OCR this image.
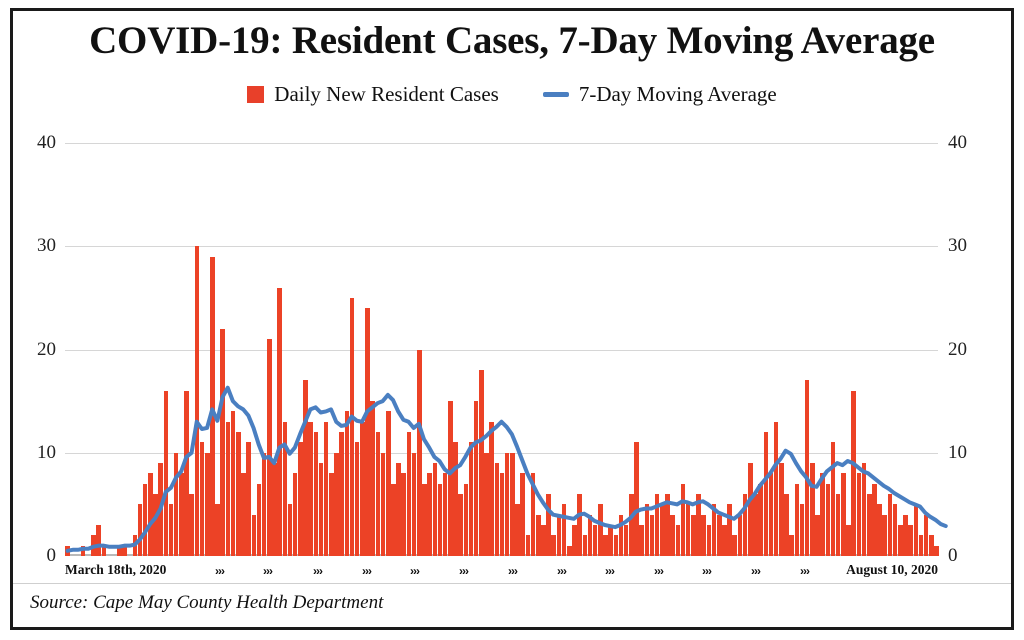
COVID-19: Resident Cases, 7-Day Moving Average
Daily New Resident Cases	7-Day Moving Average
40
30
20
10
0
40
30
20
10
0
March 18th, 2020	August 10, 2020
›››	›››	›››	›››	›››	›››	›››	›››	›››	›››	›››	›››	›››
Source: Cape May County Health Department
